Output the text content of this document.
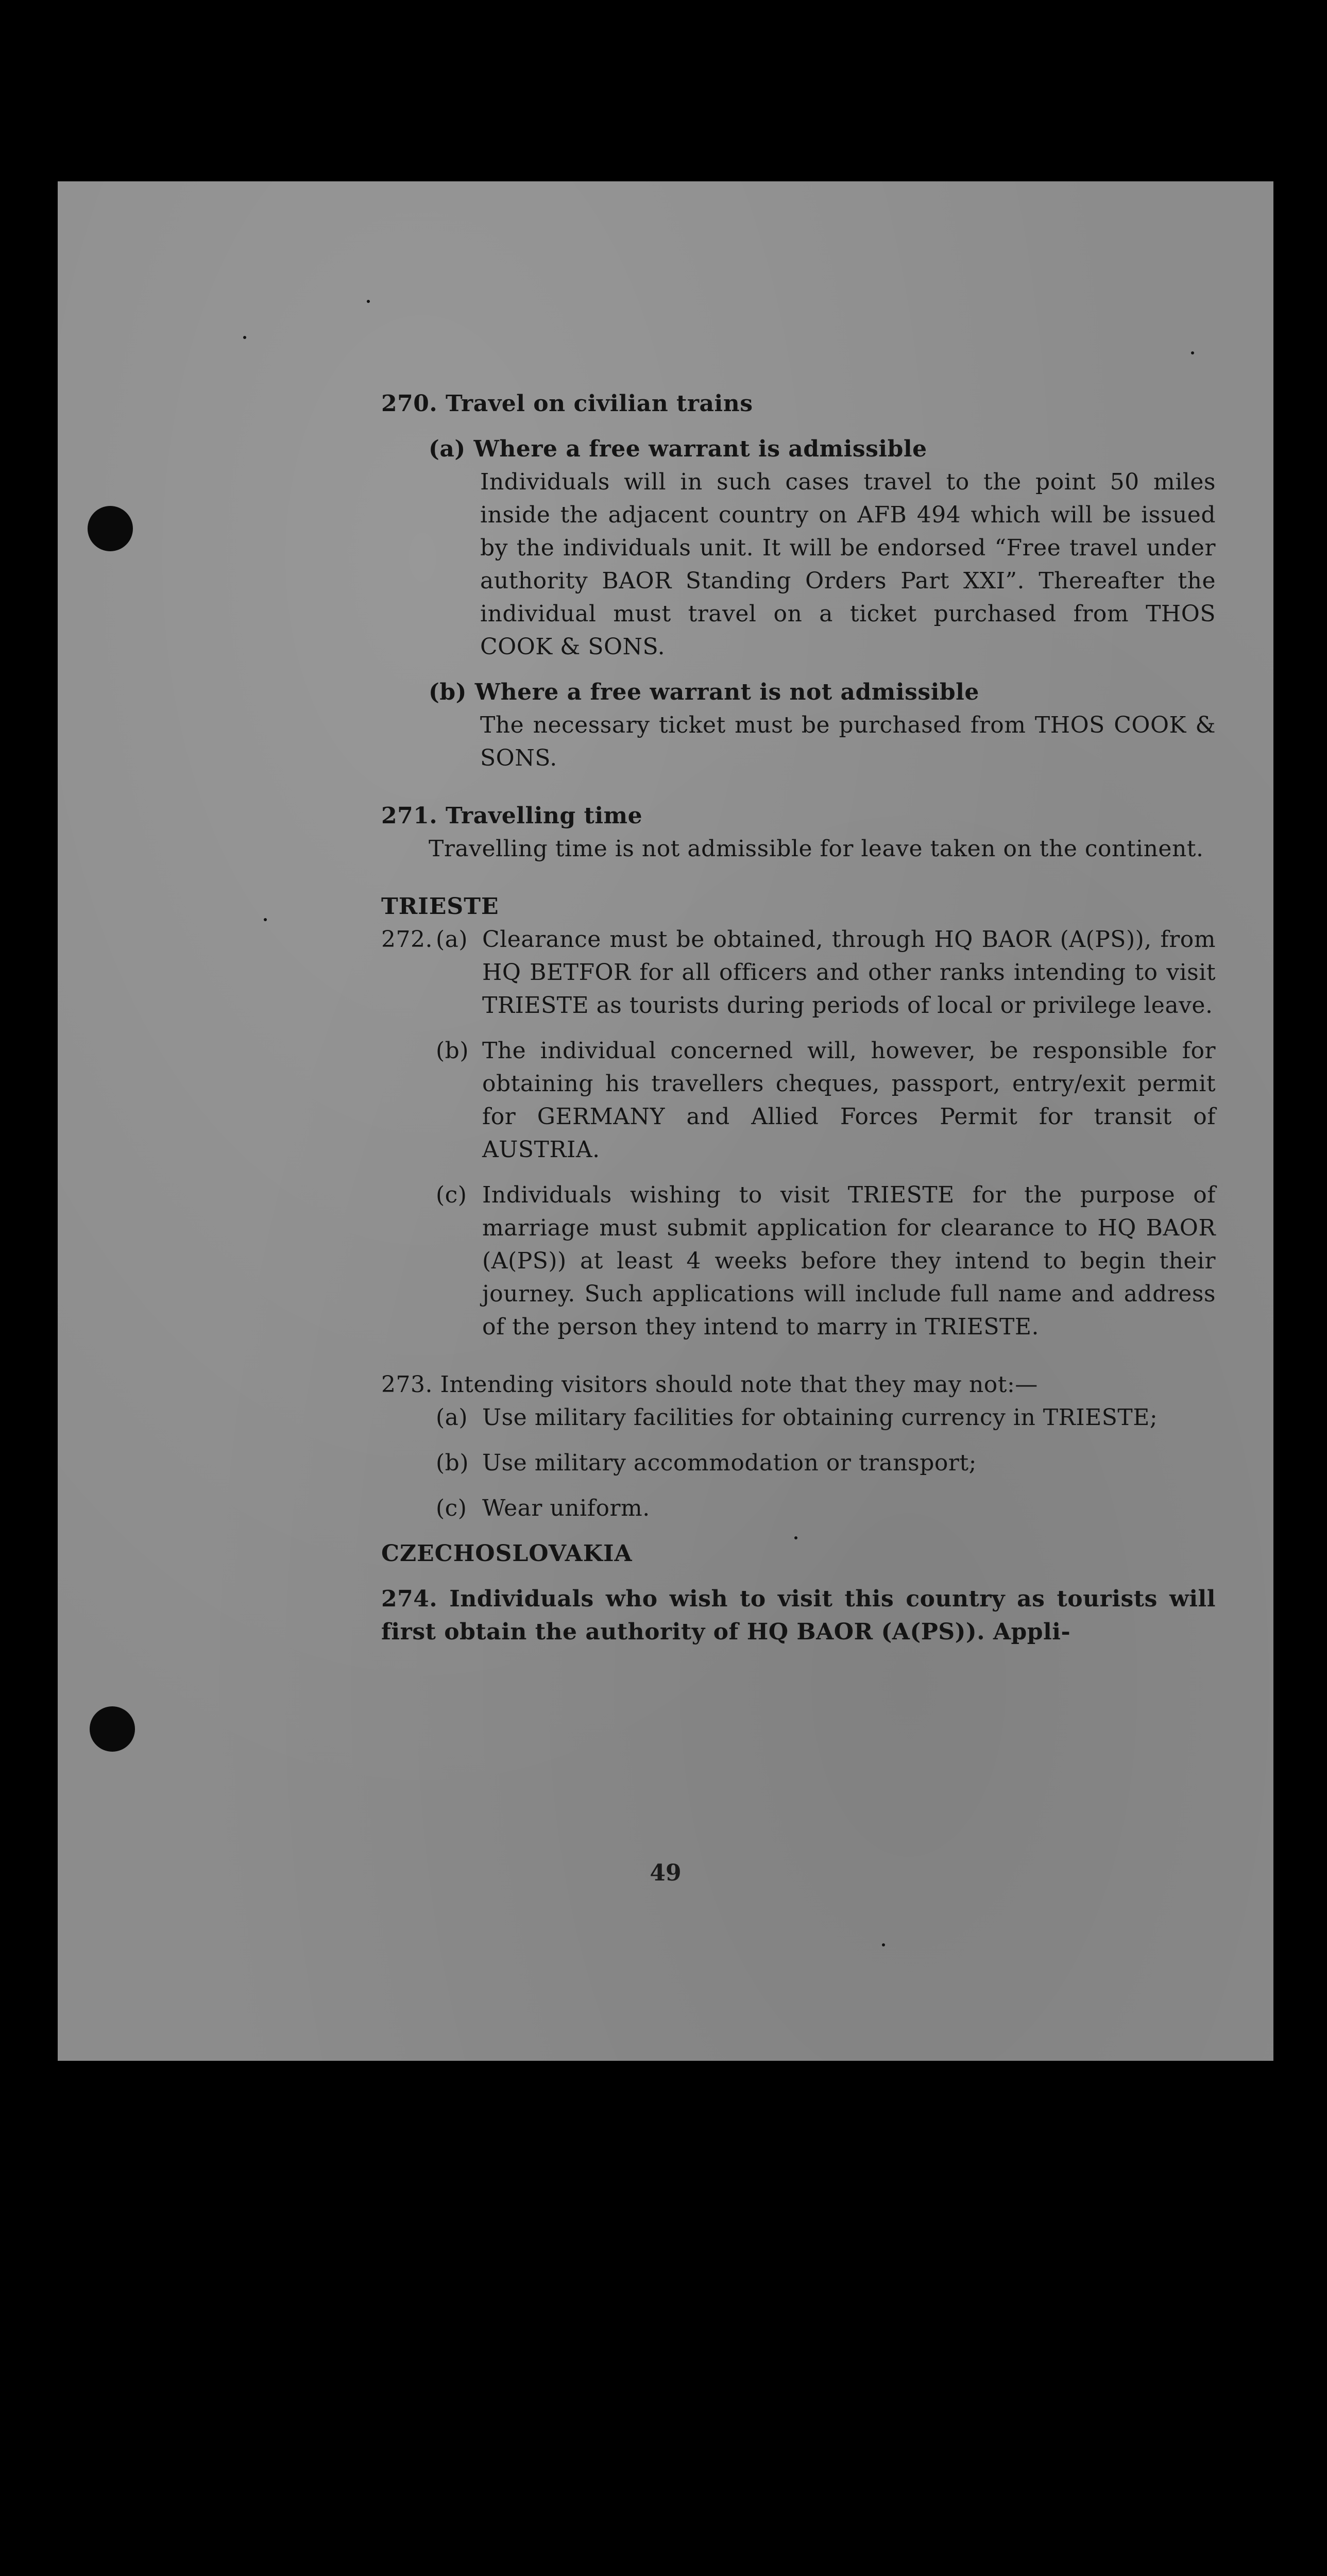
270. Travel on civilian trains

(a) Where a free warrant is admissible

Individuals will in such cases travel to the point 50 miles inside the adjacent country on AFB 494 which will be issued by the individuals unit. It will be endorsed “Free travel under authority BAOR Standing Orders Part XXI”. Thereafter the individual must travel on a ticket purchased from THOS COOK & SONS.

(b) Where a free warrant is not admissible

The necessary ticket must be purchased from THOS COOK & SONS.

271. Travelling time

Travelling time is not admissible for leave taken on the continent.

TRIESTE

272. (a) Clearance must be obtained, through HQ BAOR (A(PS)), from HQ BETFOR for all officers and other ranks intending to visit TRIESTE as tourists during periods of local or privilege leave.
(b) The individual concerned will, however, be responsible for obtaining his travellers cheques, passport, entry/exit permit for GERMANY and Allied Forces Permit for transit of AUSTRIA.
(c) Individuals wishing to visit TRIESTE for the purpose of marriage must submit application for clearance to HQ BAOR (A(PS)) at least 4 weeks before they intend to begin their journey. Such applications will include full name and address of the person they intend to marry in TRIESTE.

273. Intending visitors should note that they may not:—

(a) Use military facilities for obtaining currency in TRIESTE;
(b) Use military accommodation or transport;
(c) Wear uniform.

CZECHOSLOVAKIA

274. Individuals who wish to visit this country as tourists will first obtain the authority of HQ BAOR (A(PS)). Appli-

49
